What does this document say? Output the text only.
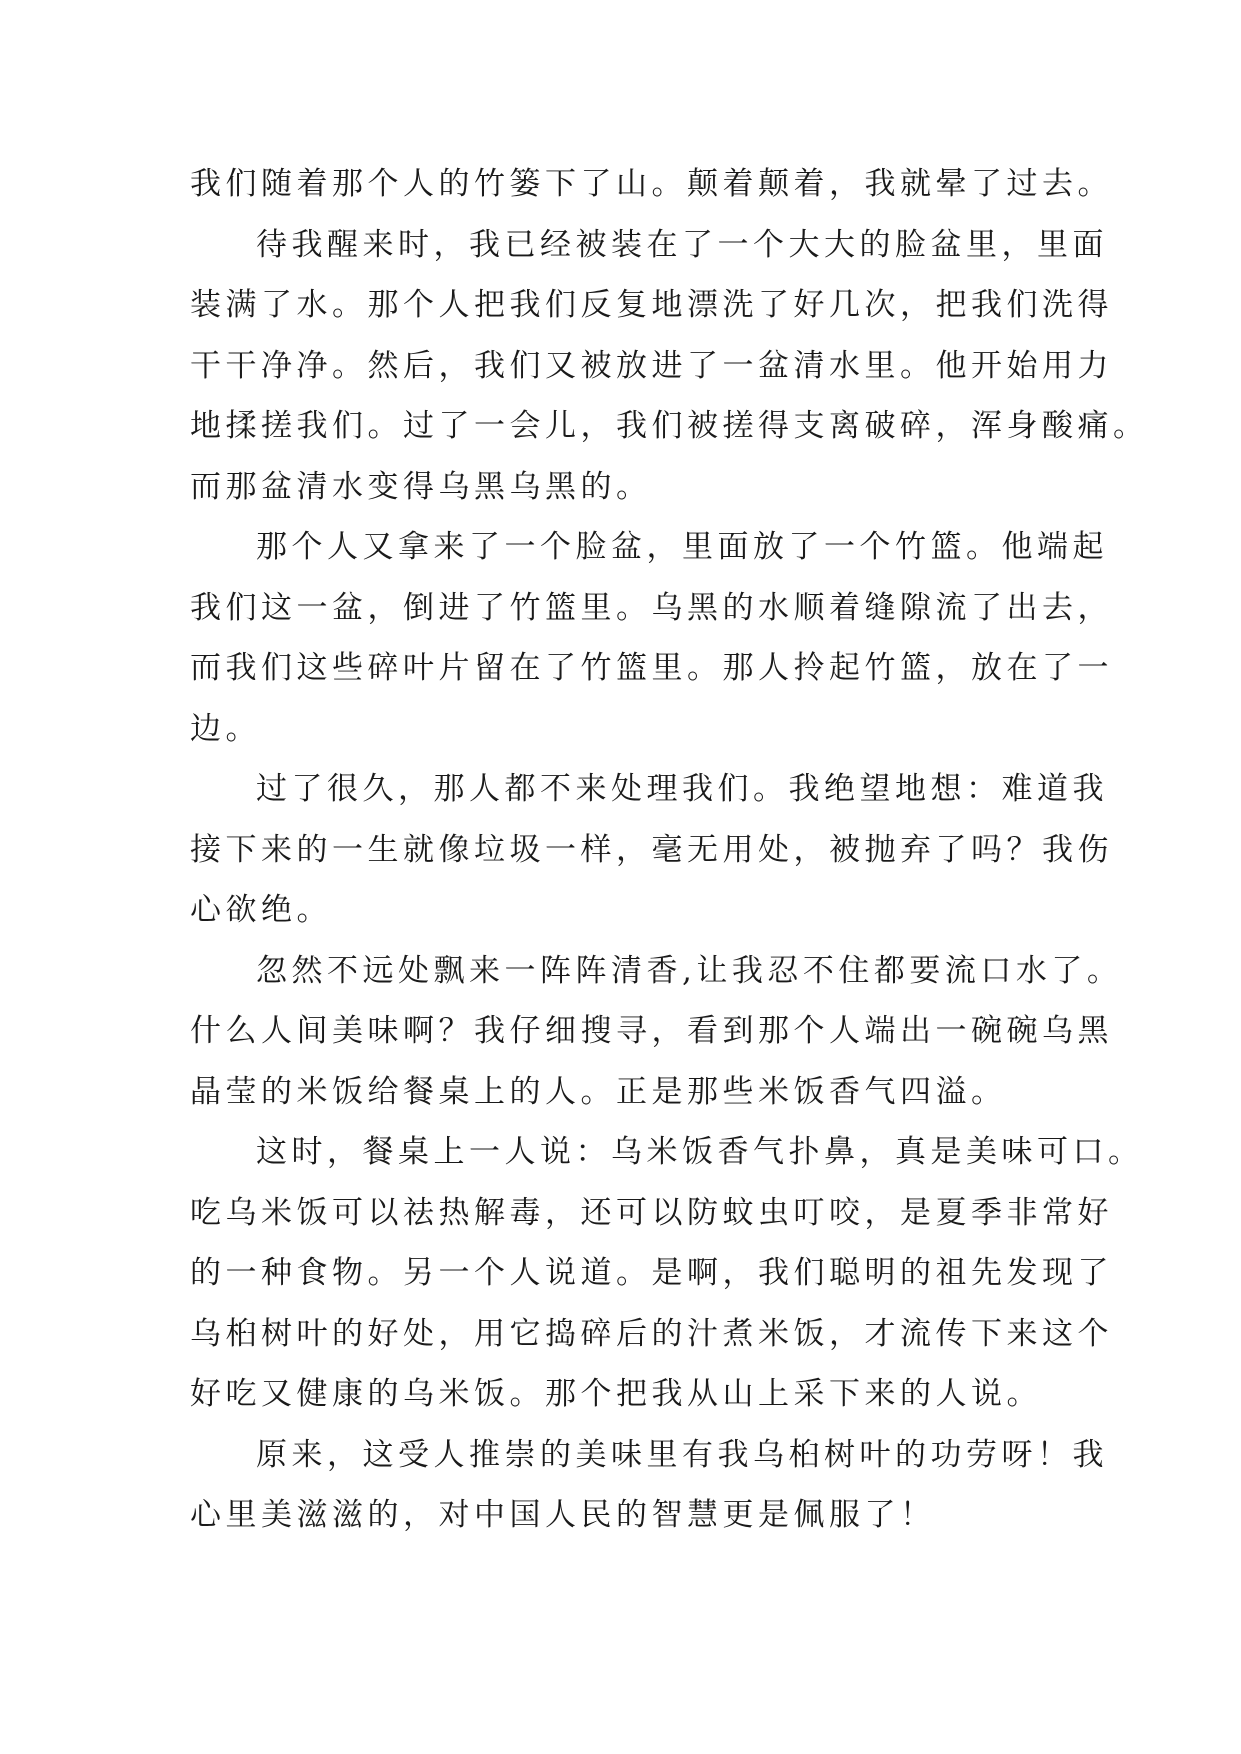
我们随着那个人的竹篓下了山。颠着颠着，我就晕了过去。
待我醒来时，我已经被装在了一个大大的脸盆里，里面
装满了水。那个人把我们反复地漂洗了好几次，把我们洗得
干干净净。然后，我们又被放进了一盆清水里。他开始用力
地揉搓我们。过了一会儿，我们被搓得支离破碎，浑身酸痛。
而那盆清水变得乌黑乌黑的。
那个人又拿来了一个脸盆，里面放了一个竹篮。他端起
我们这一盆，倒进了竹篮里。乌黑的水顺着缝隙流了出去，
而我们这些碎叶片留在了竹篮里。那人拎起竹篮，放在了一
边。
过了很久，那人都不来处理我们。我绝望地想：难道我
接下来的一生就像垃圾一样，毫无用处，被抛弃了吗？我伤
心欲绝。
忽然不远处飘来一阵阵清香,让我忍不住都要流口水了。
什么人间美味啊？我仔细搜寻，看到那个人端出一碗碗乌黑
晶莹的米饭给餐桌上的人。正是那些米饭香气四溢。
这时，餐桌上一人说：乌米饭香气扑鼻，真是美味可口。
吃乌米饭可以祛热解毒，还可以防蚊虫叮咬，是夏季非常好
的一种食物。另一个人说道。是啊，我们聪明的祖先发现了
乌桕树叶的好处，用它捣碎后的汁煮米饭，才流传下来这个
好吃又健康的乌米饭。那个把我从山上采下来的人说。
原来，这受人推崇的美味里有我乌桕树叶的功劳呀！我
心里美滋滋的，对中国人民的智慧更是佩服了！
